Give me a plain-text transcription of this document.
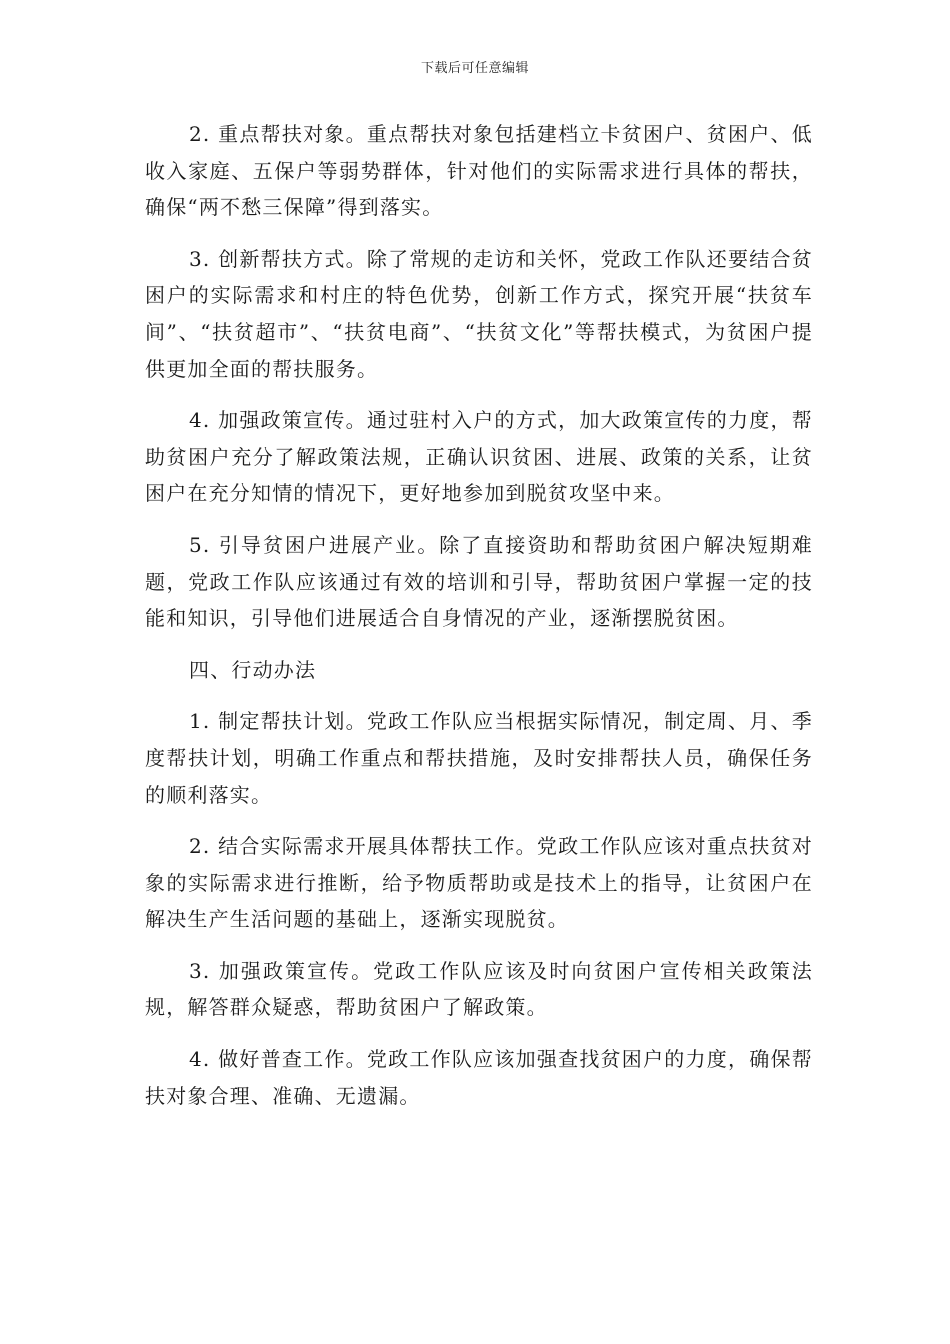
下载后可任意编辑

2. 重点帮扶对象。重点帮扶对象包括建档立卡贫困户、贫困户、低收入家庭、五保户等弱势群体，针对他们的实际需求进行具体的帮扶，确保“两不愁三保障”得到落实。

3. 创新帮扶方式。除了常规的走访和关怀，党政工作队还要结合贫困户的实际需求和村庄的特色优势，创新工作方式，探究开展“扶贫车间”、“扶贫超市”、“扶贫电商”、“扶贫文化”等帮扶模式，为贫困户提供更加全面的帮扶服务。

4. 加强政策宣传。通过驻村入户的方式，加大政策宣传的力度，帮助贫困户充分了解政策法规，正确认识贫困、进展、政策的关系，让贫困户在充分知情的情况下，更好地参加到脱贫攻坚中来。

5. 引导贫困户进展产业。除了直接资助和帮助贫困户解决短期难题，党政工作队应该通过有效的培训和引导，帮助贫困户掌握一定的技能和知识，引导他们进展适合自身情况的产业，逐渐摆脱贫困。

四、行动办法

1. 制定帮扶计划。党政工作队应当根据实际情况，制定周、月、季度帮扶计划，明确工作重点和帮扶措施，及时安排帮扶人员，确保任务的顺利落实。

2. 结合实际需求开展具体帮扶工作。党政工作队应该对重点扶贫对象的实际需求进行推断，给予物质帮助或是技术上的指导，让贫困户在解决生产生活问题的基础上，逐渐实现脱贫。

3. 加强政策宣传。党政工作队应该及时向贫困户宣传相关政策法规，解答群众疑惑，帮助贫困户了解政策。

4. 做好普查工作。党政工作队应该加强查找贫困户的力度，确保帮扶对象合理、准确、无遗漏。
